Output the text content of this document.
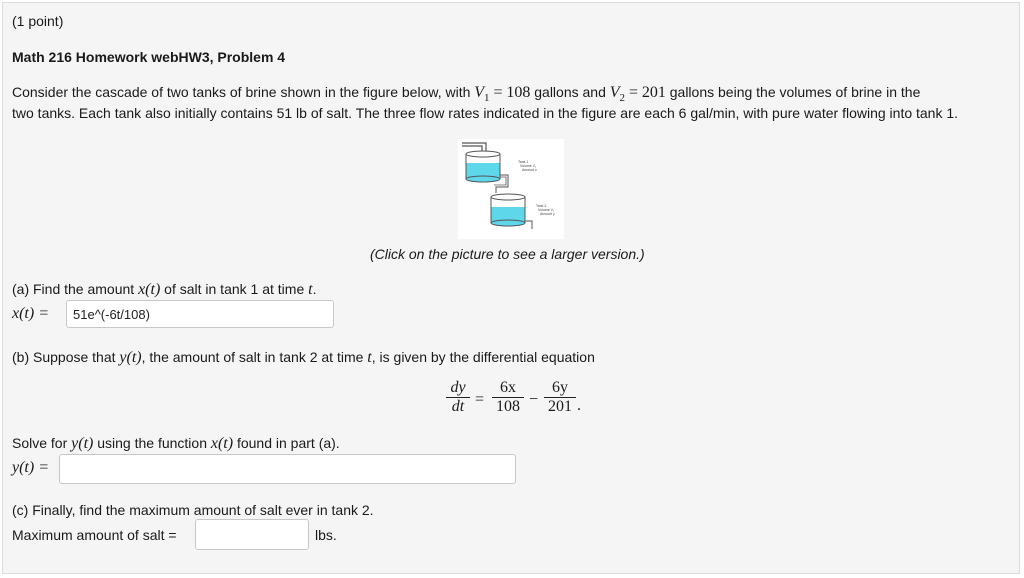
(1 point)
Math 216 Homework webHW3, Problem 4
Consider the cascade of two tanks of brine shown in the figure below, with $V_1 = 108$ gallons and $V_2 = 201$ gallons being the volumes of brine in the
two tanks. Each tank also initially contains 51 lb of salt. The three flow rates indicated in the figure are each 6 gal/min, with pure water flowing into tank 1.
Tank 1 Volume V₁ Amount x
Tank 2 Volume V₂ Amount y
(Click on the picture to see a larger version.)
(a) Find the amount x(t) of salt in tank 1 at time t.
x(t) =
51e^(-6t/108)
(b) Suppose that y(t), the amount of salt in tank 2 at time t, is given by the differential equation
$\frac{dy}{dt} = \frac{6x}{108} - \frac{6y}{201}$ .
Solve for y(t) using the function x(t) found in part (a).
y(t) =
(c) Finally, find the maximum amount of salt ever in tank 2.
Maximum amount of salt =	lbs.
